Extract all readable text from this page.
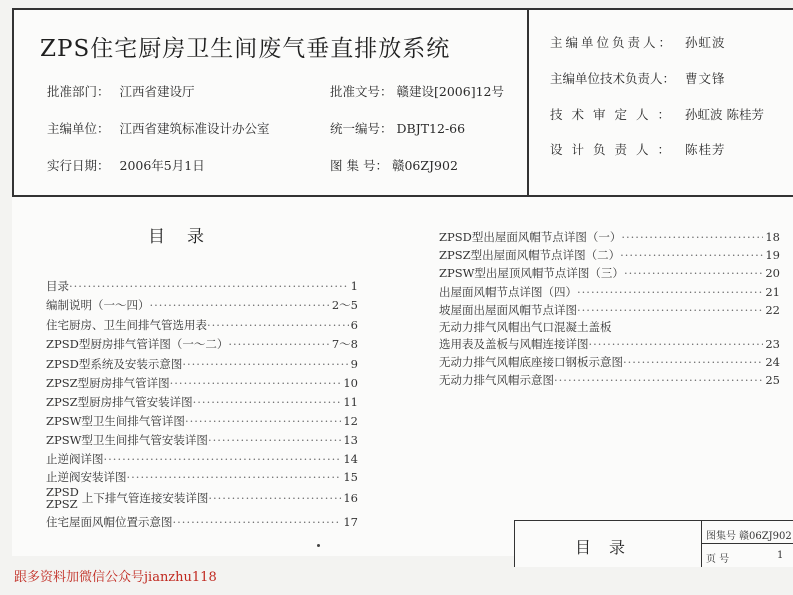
ZPS住宅厨房卫生间废气垂直排放系统
批准部门： 江西省建设厅
主编单位： 江西省建筑标准设计办公室
实行日期： 2006年5月1日
批准文号： 赣建设[2006]12号
统一编号： DBJT12-66
图 集 号： 赣06ZJ902
主编单位负责人： 孙虹波
主编单位技术负责人： 曹文锋
技术审定人： 孙虹波 陈桂芳
设计负责人： 陈桂芳
目录
目录 ·····	1
编制说明（一～四） ·····	2～5
住宅厨房、卫生间排气管选用表 ·····	6
ZPSD型厨房排气管详图（一～二） ·····	7～8
ZPSD型系统及安装示意图 ·····	9
ZPSZ型厨房排气管详图 ·····	10
ZPSZ型厨房排气管安装详图 ·····	11
ZPSW型卫生间排气管详图 ·····	12
ZPSW型卫生间排气管安装详图 ·····	13
止逆阀详图 ·····	14
止逆阀安装详图 ·····	15
ZPSD
ZPSZ 上下排气管连接安装详图 ·····	16
住宅屋面风帽位置示意图 ·····	17
ZPSD型出屋面风帽节点详图（一） ·····	18
ZPSZ型出屋面风帽节点详图（二） ·····	19
ZPSW型出屋顶风帽节点详图（三） ·····	20
出屋面风帽节点详图（四） ·····	21
坡屋面出屋面风帽节点详图 ·····	22
无动力排气风帽出气口混凝土盖板
选用表及盖板与风帽连接详图 ·····	23
无动力排气风帽底座接口钢板示意图 ·····	24
无动力排气风帽示意图 ·····	25
目录
图集号 赣06ZJ902
页 号	1
跟多资料加微信公众号jianzhu118
